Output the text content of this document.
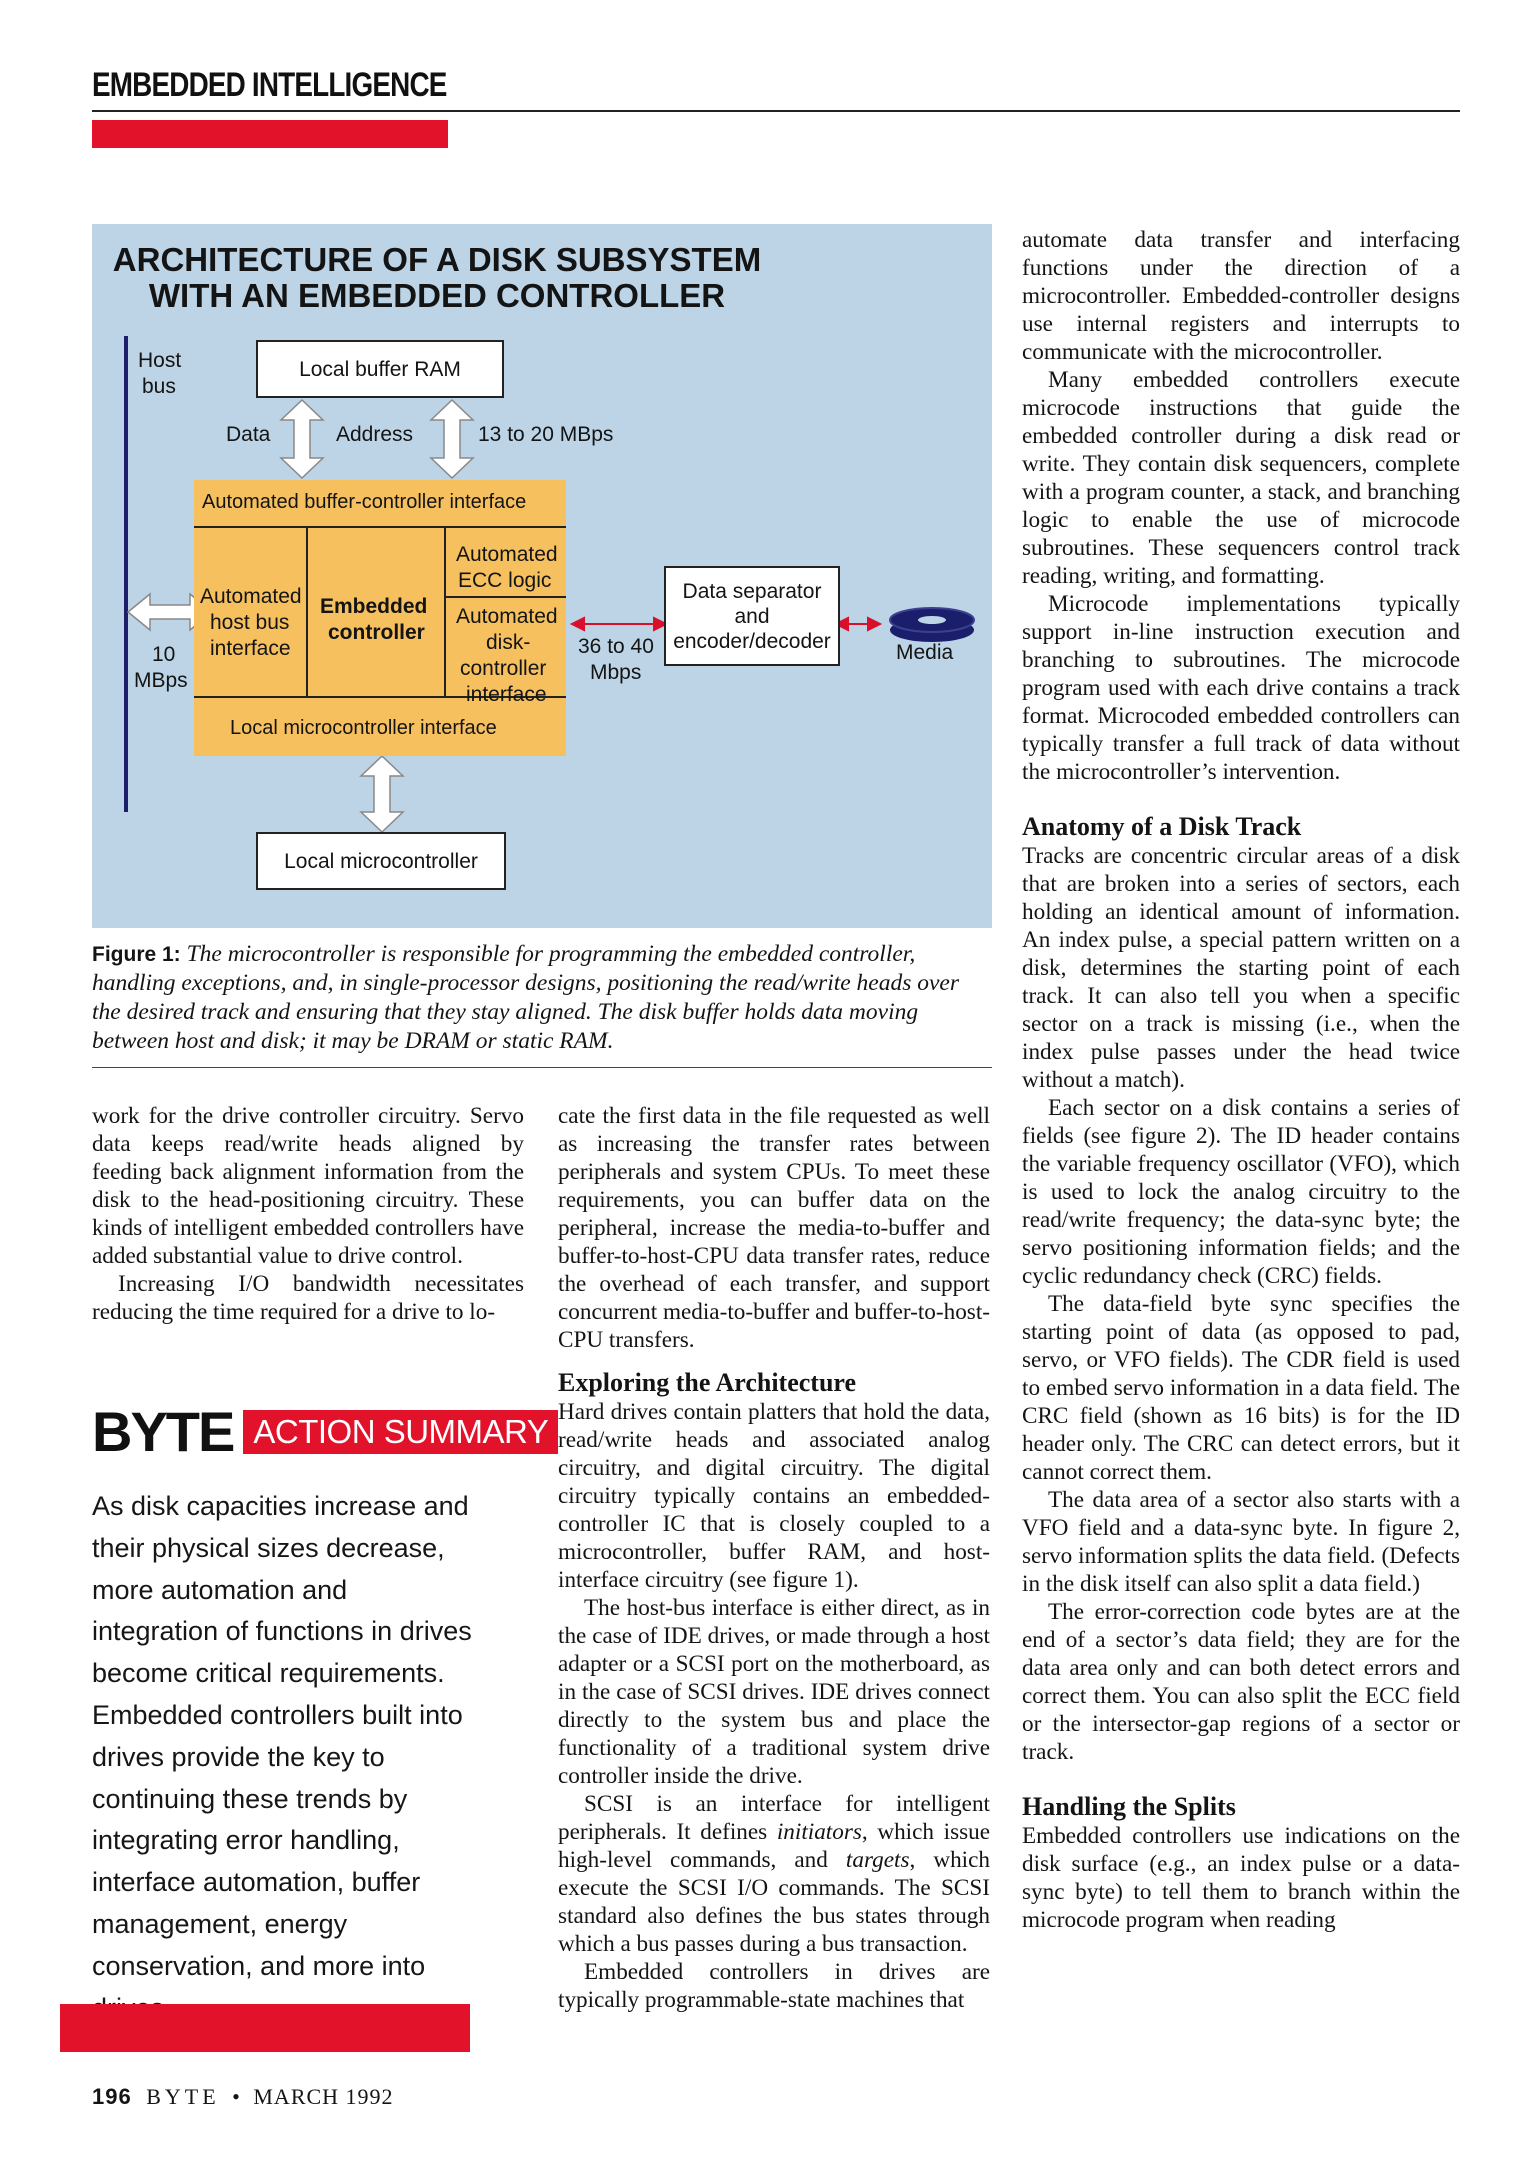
EMBEDDED INTELLIGENCE
ARCHITECTURE OF A DISK SUBSYSTEM
WITH AN EMBEDDED CONTROLLER
Host
bus
Local buffer RAM
Data	Address	13 to 20 MBps
Automated buffer-controller interface
Automated
ECC logic
Automated
host bus
interface
Embedded
controller
Automated
disk-
controller
interface
Local microcontroller interface
36 to 40
Mbps
Data separator
and
encoder/decoder	Media
10
MBps
Local microcontroller
Figure 1: The microcontroller is responsible for programming the embedded controller, handling exceptions, and, in single-processor designs, positioning the read/write heads over the desired track and ensuring that they stay aligned. The disk buffer holds data moving between host and disk; it may be DRAM or static RAM.

work for the drive controller circuitry. Servo data keeps read/write heads aligned by feeding back alignment information from the disk to the head-positioning circuitry. These kinds of intelligent embedded controllers have added substantial value to drive control.

Increasing I/O bandwidth necessitates reducing the time required for a drive to lo-

BYTE ACTION SUMMARY
As disk capacities increase and their physical sizes decrease, more automation and integration of functions in drives become critical requirements. Embedded controllers built into drives provide the key to continuing these trends by integrating error handling, interface automation, buffer management, energy conservation, and more into

cate the first data in the file requested as well as increasing the transfer rates between peripherals and system CPUs. To meet these requirements, you can buffer data on the peripheral, increase the media-to-buffer and buffer-to-host-CPU data transfer rates, reduce the overhead of each transfer, and support concurrent media-to-buffer and buffer-to-host-CPU transfers.

Exploring the Architecture

Hard drives contain platters that hold the data, read/write heads and associated analog circuitry, and digital circuitry. The digital circuitry typically contains an embedded-controller IC that is closely coupled to a microcontroller, buffer RAM, and host-interface circuitry (see figure 1).

The host-bus interface is either direct, as in the case of IDE drives, or made through a host adapter or a SCSI port on the motherboard, as in the case of SCSI drives. IDE drives connect directly to the system bus and place the functionality of a traditional system drive controller inside the drive.

SCSI is an interface for intelligent peripherals. It defines initiators, which issue high-level commands, and targets, which execute the SCSI I/O commands. The SCSI standard also defines the bus states through which a bus passes during a bus transaction.

Embedded controllers in drives are typically programmable-state machines that

automate data transfer and interfacing functions under the direction of a microcontroller. Embedded-controller designs use internal registers and interrupts to communicate with the microcontroller.

Many embedded controllers execute microcode instructions that guide the embedded controller during a disk read or write. They contain disk sequencers, complete with a program counter, a stack, and branching logic to enable the use of microcode subroutines. These sequencers control track reading, writing, and formatting.

Microcode implementations typically support in-line instruction execution and branching to subroutines. The microcode program used with each drive contains a track format. Microcoded embedded controllers can typically transfer a full track of data without the microcontroller’s intervention.

Anatomy of a Disk Track

Tracks are concentric circular areas of a disk that are broken into a series of sectors, each holding an identical amount of information. An index pulse, a special pattern written on a disk, determines the starting point of each track. It can also tell you when a specific sector on a track is missing (i.e., when the index pulse passes under the head twice without a match).

Each sector on a disk contains a series of fields (see figure 2). The ID header contains the variable frequency oscillator (VFO), which is used to lock the analog circuitry to the read/write frequency; the data-sync byte; the servo positioning information fields; and the cyclic redundancy check (CRC) fields.

The data-field byte sync specifies the starting point of data (as opposed to pad, servo, or VFO fields). The CDR field is used to embed servo information in a data field. The CRC field (shown as 16 bits) is for the ID header only. The CRC can detect errors, but it cannot correct them.

The data area of a sector also starts with a VFO field and a data-sync byte. In figure 2, servo information splits the data field. (Defects in the disk itself can also split a data field.)

The error-correction code bytes are at the end of a sector’s data field; they are for the data area only and can both detect errors and correct them. You can also split the ECC field or the intersector-gap regions of a sector or track.

Handling the Splits

Embedded controllers use indications on the disk surface (e.g., an index pulse or a data-sync byte) to tell them to branch within the microcode program when reading

196 BYTE • MARCH 1992
